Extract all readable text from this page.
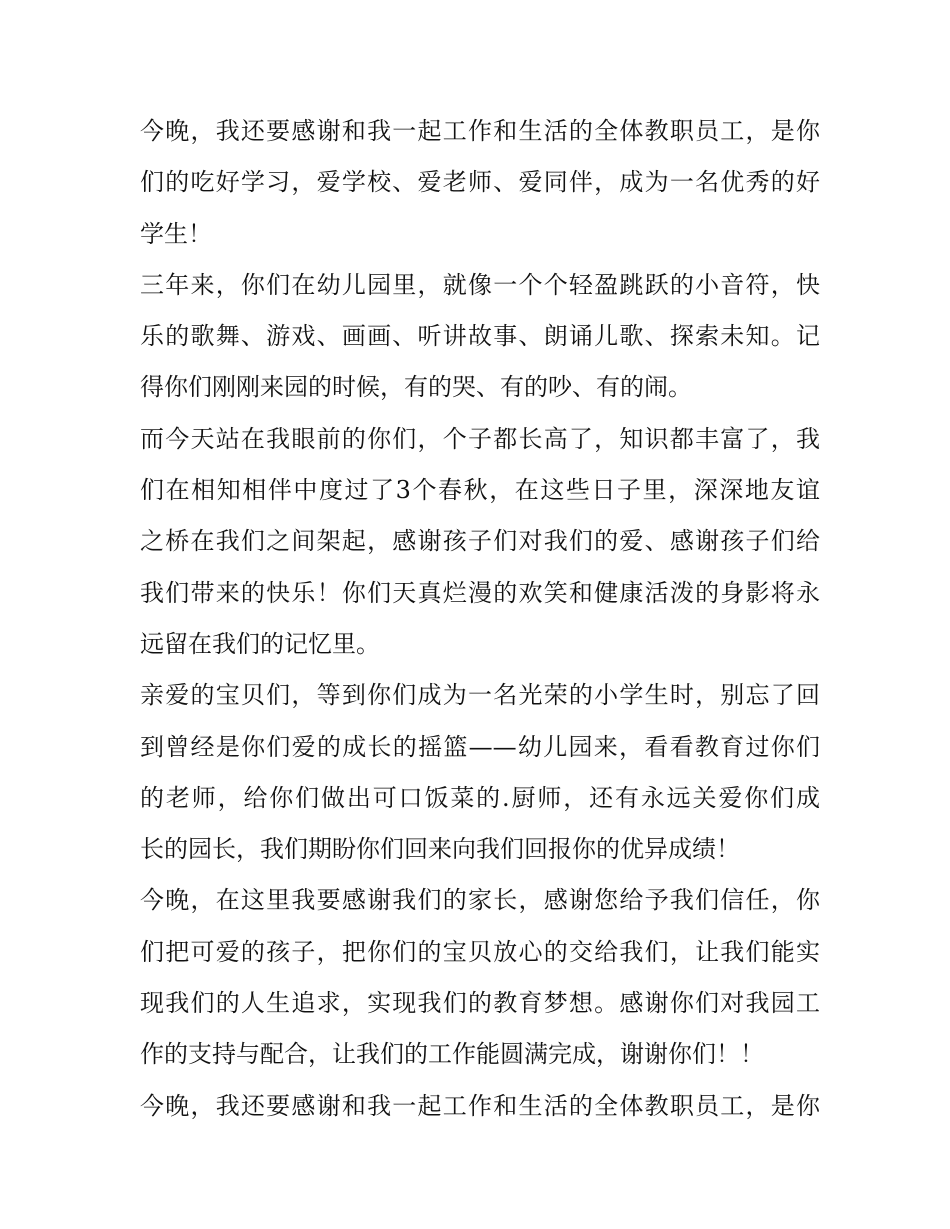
今晚，我还要感谢和我一起工作和生活的全体教职员工，是你
们的吃好学习，爱学校、爱老师、爱同伴，成为一名优秀的好
学生！
三年来，你们在幼儿园里，就像一个个轻盈跳跃的小音符，快
乐的歌舞、游戏、画画、听讲故事、朗诵儿歌、探索未知。记
得你们刚刚来园的时候，有的哭、有的吵、有的闹。
而今天站在我眼前的你们，个子都长高了，知识都丰富了，我
们在相知相伴中度过了3个春秋，在这些日子里，深深地友谊
之桥在我们之间架起，感谢孩子们对我们的爱、感谢孩子们给
我们带来的快乐！你们天真烂漫的欢笑和健康活泼的身影将永
远留在我们的记忆里。
亲爱的宝贝们，等到你们成为一名光荣的小学生时，别忘了回
到曾经是你们爱的成长的摇篮——幼儿园来，看看教育过你们
的老师，给你们做出可口饭菜的.厨师，还有永远关爱你们成
长的园长，我们期盼你们回来向我们回报你的优异成绩！
今晚，在这里我要感谢我们的家长，感谢您给予我们信任，你
们把可爱的孩子，把你们的宝贝放心的交给我们，让我们能实
现我们的人生追求，实现我们的教育梦想。感谢你们对我园工
作的支持与配合，让我们的工作能圆满完成，谢谢你们！！
今晚，我还要感谢和我一起工作和生活的全体教职员工，是你
